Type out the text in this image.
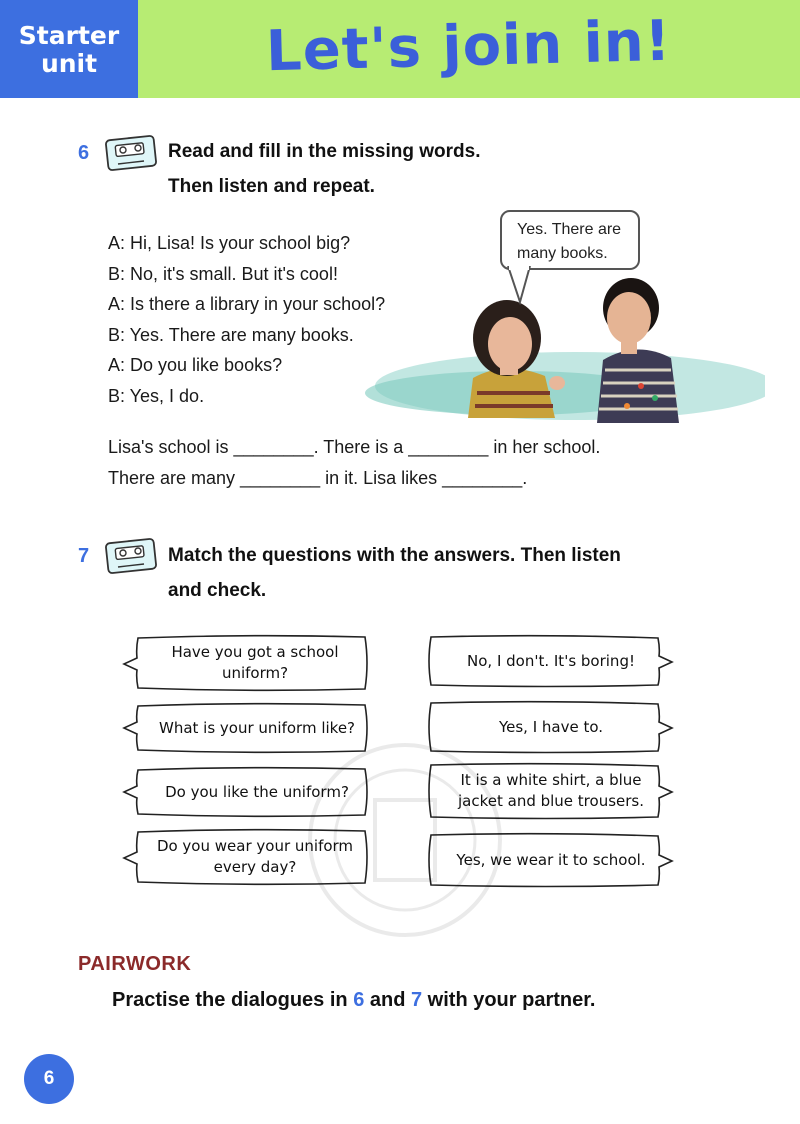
Starter
unit	Let's join in!
6	Read and fill in the missing words.
Then listen and repeat.
A: Hi, Lisa! Is your school big?
B: No, it's small. But it's cool!
A: Is there a library in your school?
B: Yes. There are many books.
A: Do you like books?
B: Yes, I do.
Yes. There are
many books.
Lisa's school is ________. There is a ________ in her school.
There are many ________ in it. Lisa likes ________.
7	Match the questions with the answers. Then listen
and check.
Have you got a school
uniform?
What is your uniform like?
Do you like the uniform?
Do you wear your uniform
every day?
No, I don't. It's boring!
Yes, I have to.
It is a white shirt, a blue
jacket and blue trousers.
Yes, we wear it to school.
PAIRWORK
Practise the dialogues in 6 and 7 with your partner.
6
